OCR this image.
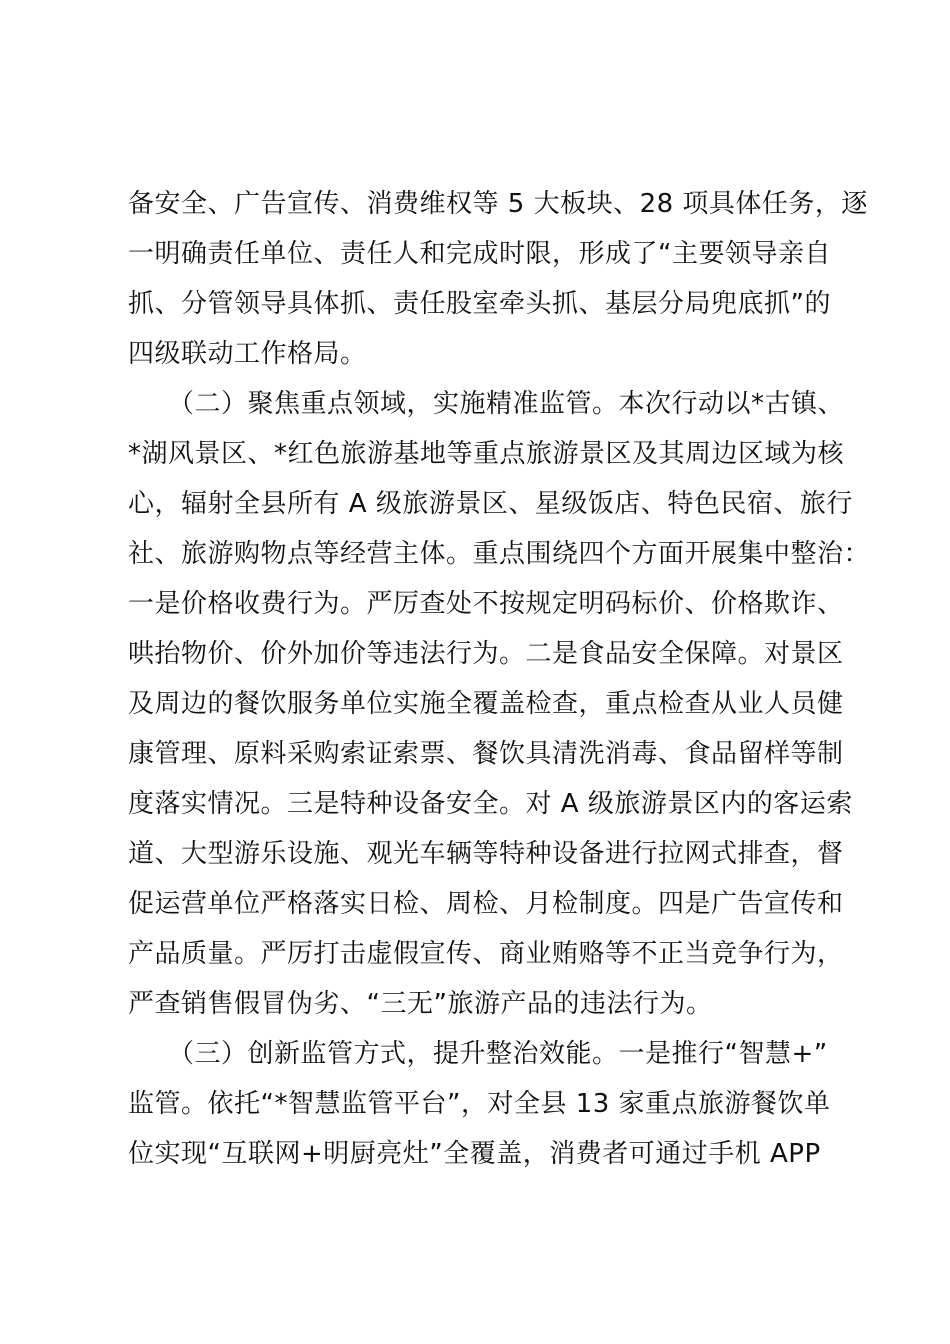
备安全、广告宣传、消费维权等 5 大板块、28 项具体任务，逐
一明确责任单位、责任人和完成时限，形成了“主要领导亲自
抓、分管领导具体抓、责任股室牵头抓、基层分局兜底抓”的
四级联动工作格局。
（二）聚焦重点领域，实施精准监管。本次行动以*古镇、
*湖风景区、*红色旅游基地等重点旅游景区及其周边区域为核
心，辐射全县所有 A 级旅游景区、星级饭店、特色民宿、旅行
社、旅游购物点等经营主体。重点围绕四个方面开展集中整治：
一是价格收费行为。严厉查处不按规定明码标价、价格欺诈、
哄抬物价、价外加价等违法行为。二是食品安全保障。对景区
及周边的餐饮服务单位实施全覆盖检查，重点检查从业人员健
康管理、原料采购索证索票、餐饮具清洗消毒、食品留样等制
度落实情况。三是特种设备安全。对 A 级旅游景区内的客运索
道、大型游乐设施、观光车辆等特种设备进行拉网式排查，督
促运营单位严格落实日检、周检、月检制度。四是广告宣传和
产品质量。严厉打击虚假宣传、商业贿赂等不正当竞争行为，
严查销售假冒伪劣、“三无”旅游产品的违法行为。
（三）创新监管方式，提升整治效能。一是推行“智慧+”
监管。依托“*智慧监管平台”，对全县 13 家重点旅游餐饮单
位实现“互联网+明厨亮灶”全覆盖，消费者可通过手机 APP
